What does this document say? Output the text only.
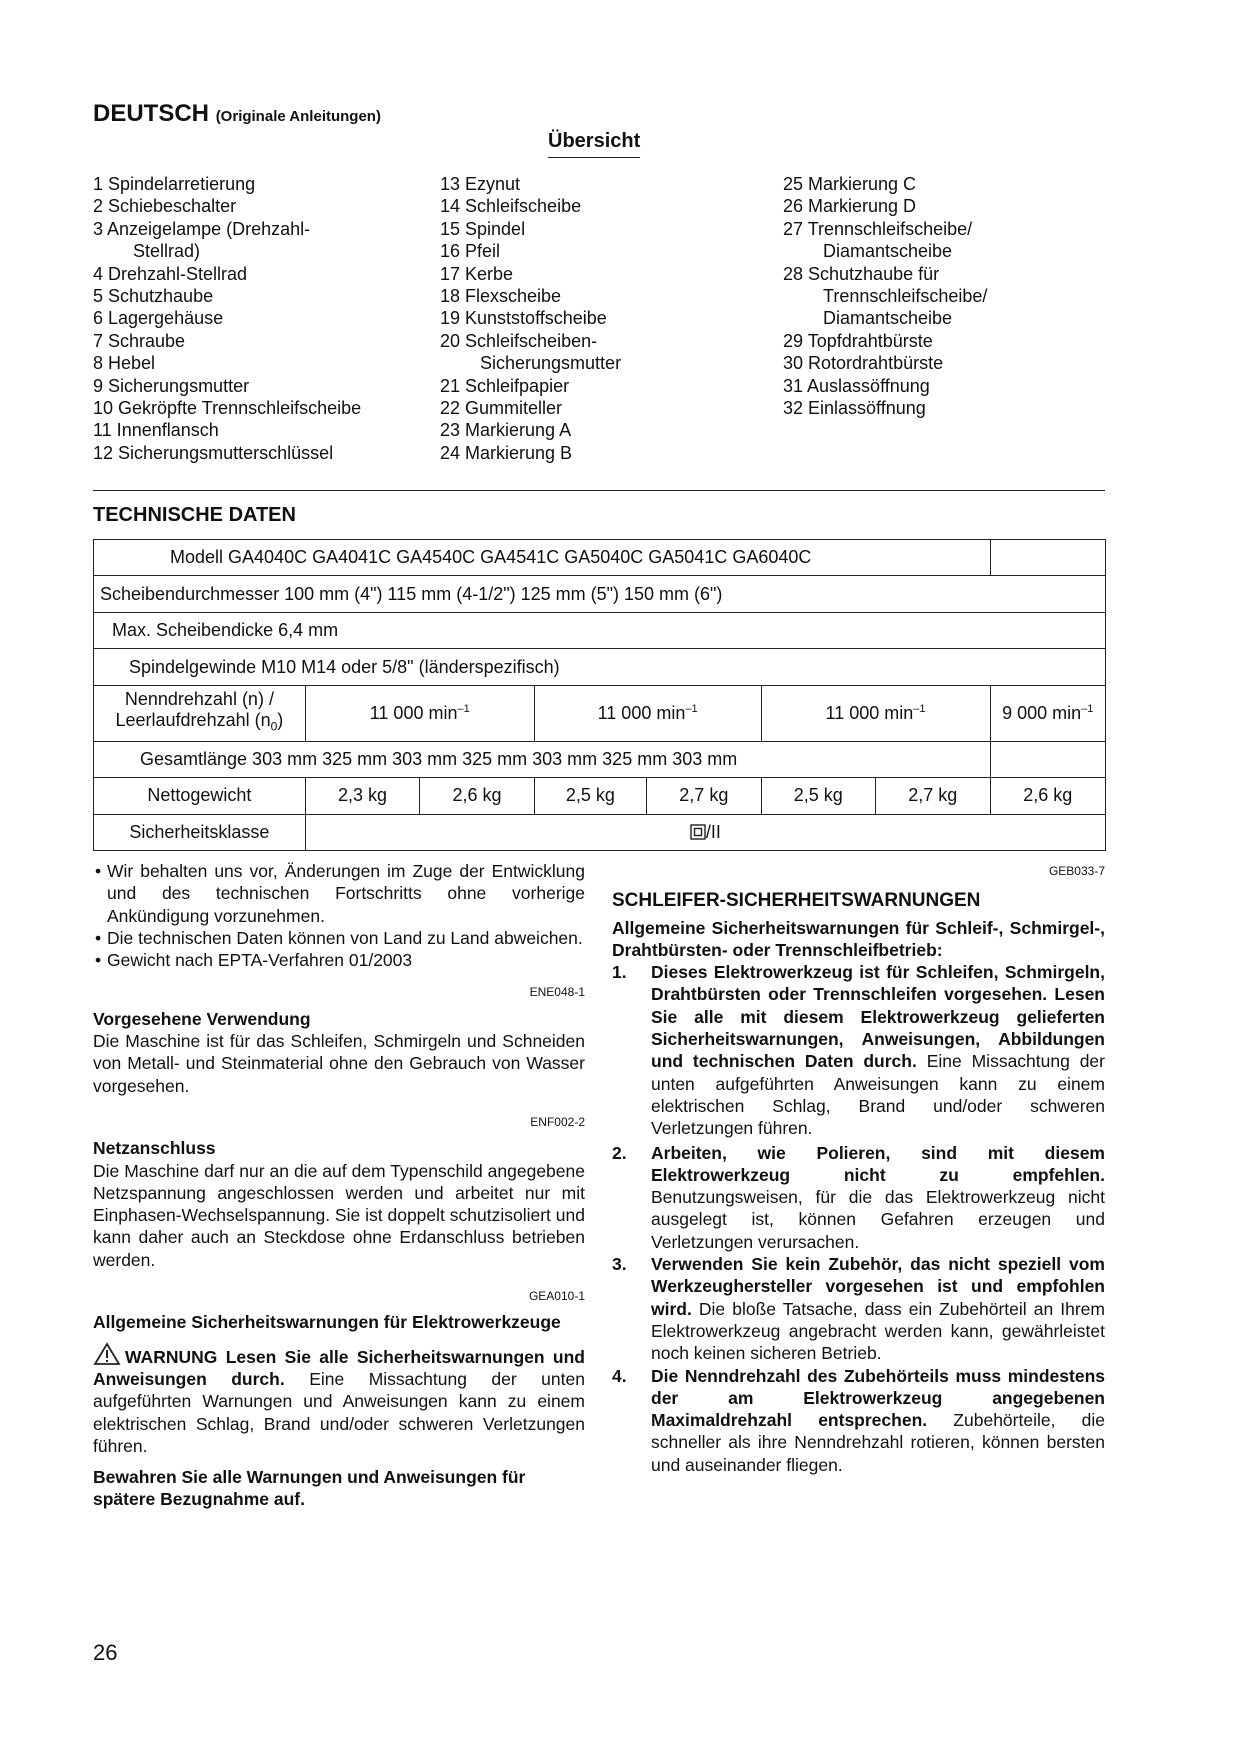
DEUTSCH (Originale Anleitungen)
Übersicht
1 Spindelarretierung
2 Schiebeschalter
3 Anzeigelampe (Drehzahl-
Stellrad)
4 Drehzahl-Stellrad
5 Schutzhaube
6 Lagergehäuse
7 Schraube
8 Hebel
9 Sicherungsmutter
10 Gekröpfte Trennschleifscheibe
11 Innenflansch
12 Sicherungsmutterschlüssel
13 Ezynut
14 Schleifscheibe
15 Spindel
16 Pfeil
17 Kerbe
18 Flexscheibe
19 Kunststoffscheibe
20 Schleifscheiben-
Sicherungsmutter
21 Schleifpapier
22 Gummiteller
23 Markierung A
24 Markierung B
25 Markierung C
26 Markierung D
27 Trennschleifscheibe/
Diamantscheibe
28 Schutzhaube für
Trennschleifscheibe/
Diamantscheibe
29 Topfdrahtbürste
30 Rotordrahtbürste
31 Auslassöffnung
32 Einlassöffnung
TECHNISCHE DATEN
Modell GA4040C GA4041C GA4540C GA4541C GA5040C GA5041C GA6040C							
Scheibendurchmesser 100 mm (4") 115 mm (4-1/2") 125 mm (5") 150 mm (6")							
Max. Scheibendicke 6,4 mm							
Spindelgewinde M10 M14 oder 5/8" (länderspezifisch)							
Nenndrehzahl (n) /
Leerlaufdrehzahl $(n_0)$	11 000 $\min^{-1}$		11 000 $\min^{-1}$		11 000 $\min^{-1}$		9 000 $\min^{-1}$
Gesamtlänge 303 mm 325 mm 303 mm 325 mm 303 mm 325 mm 303 mm							
Nettogewicht	2,3 kg	2,6 kg	2,5 kg	2,7 kg	2,5 kg	2,7 kg	2,6 kg
Sicherheitsklasse	/II						
• Wir behalten uns vor, Änderungen im Zuge der Entwicklung und des technischen Fortschritts ohne vorherige Ankündigung vorzunehmen.
• Die technischen Daten können von Land zu Land abweichen.
• Gewicht nach EPTA-Verfahren 01/2003
ENE048-1
Vorgesehene Verwendung
Die Maschine ist für das Schleifen, Schmirgeln und Schneiden von Metall- und Steinmaterial ohne den Gebrauch von Wasser vorgesehen.
ENF002-2
Netzanschluss
Die Maschine darf nur an die auf dem Typenschild angegebene Netzspannung angeschlossen werden und arbeitet nur mit Einphasen-Wechselspannung. Sie ist doppelt schutzisoliert und kann daher auch an Steckdose ohne Erdanschluss betrieben werden.
GEA010-1
Allgemeine Sicherheitswarnungen für Elektrowerkzeuge
WARNUNG Lesen Sie alle Sicherheitswarnungen und Anweisungen durch. Eine Missachtung der unten aufgeführten Warnungen und Anweisungen kann zu einem elektrischen Schlag, Brand und/oder schweren Verletzungen führen.
Bewahren Sie alle Warnungen und Anweisungen für spätere Bezugnahme auf.
GEB033-7
SCHLEIFER-SICHERHEITSWARNUNGEN
Allgemeine Sicherheitswarnungen für Schleif-, Schmirgel-, Drahtbürsten- oder Trennschleifbetrieb:
1. Dieses Elektrowerkzeug ist für Schleifen, Schmirgeln, Drahtbürsten oder Trennschleifen vorgesehen. Lesen Sie alle mit diesem Elektrowerkzeug gelieferten Sicherheitswarnungen, Anweisungen, Abbildungen und technischen Daten durch. Eine Missachtung der unten aufgeführten Anweisungen kann zu einem elektrischen Schlag, Brand und/oder schweren Verletzungen führen.
2. Arbeiten, wie Polieren, sind mit diesem Elektrowerkzeug nicht zu empfehlen. Benutzungsweisen, für die das Elektrowerkzeug nicht ausgelegt ist, können Gefahren erzeugen und Verletzungen verursachen.
3. Verwenden Sie kein Zubehör, das nicht speziell vom Werkzeughersteller vorgesehen ist und empfohlen wird. Die bloße Tatsache, dass ein Zubehörteil an Ihrem Elektrowerkzeug angebracht werden kann, gewährleistet noch keinen sicheren Betrieb.
4. Die Nenndrehzahl des Zubehörteils muss mindestens der am Elektrowerkzeug angegebenen Maximaldrehzahl entsprechen. Zubehörteile, die schneller als ihre Nenndrehzahl rotieren, können bersten und auseinander fliegen.
26
